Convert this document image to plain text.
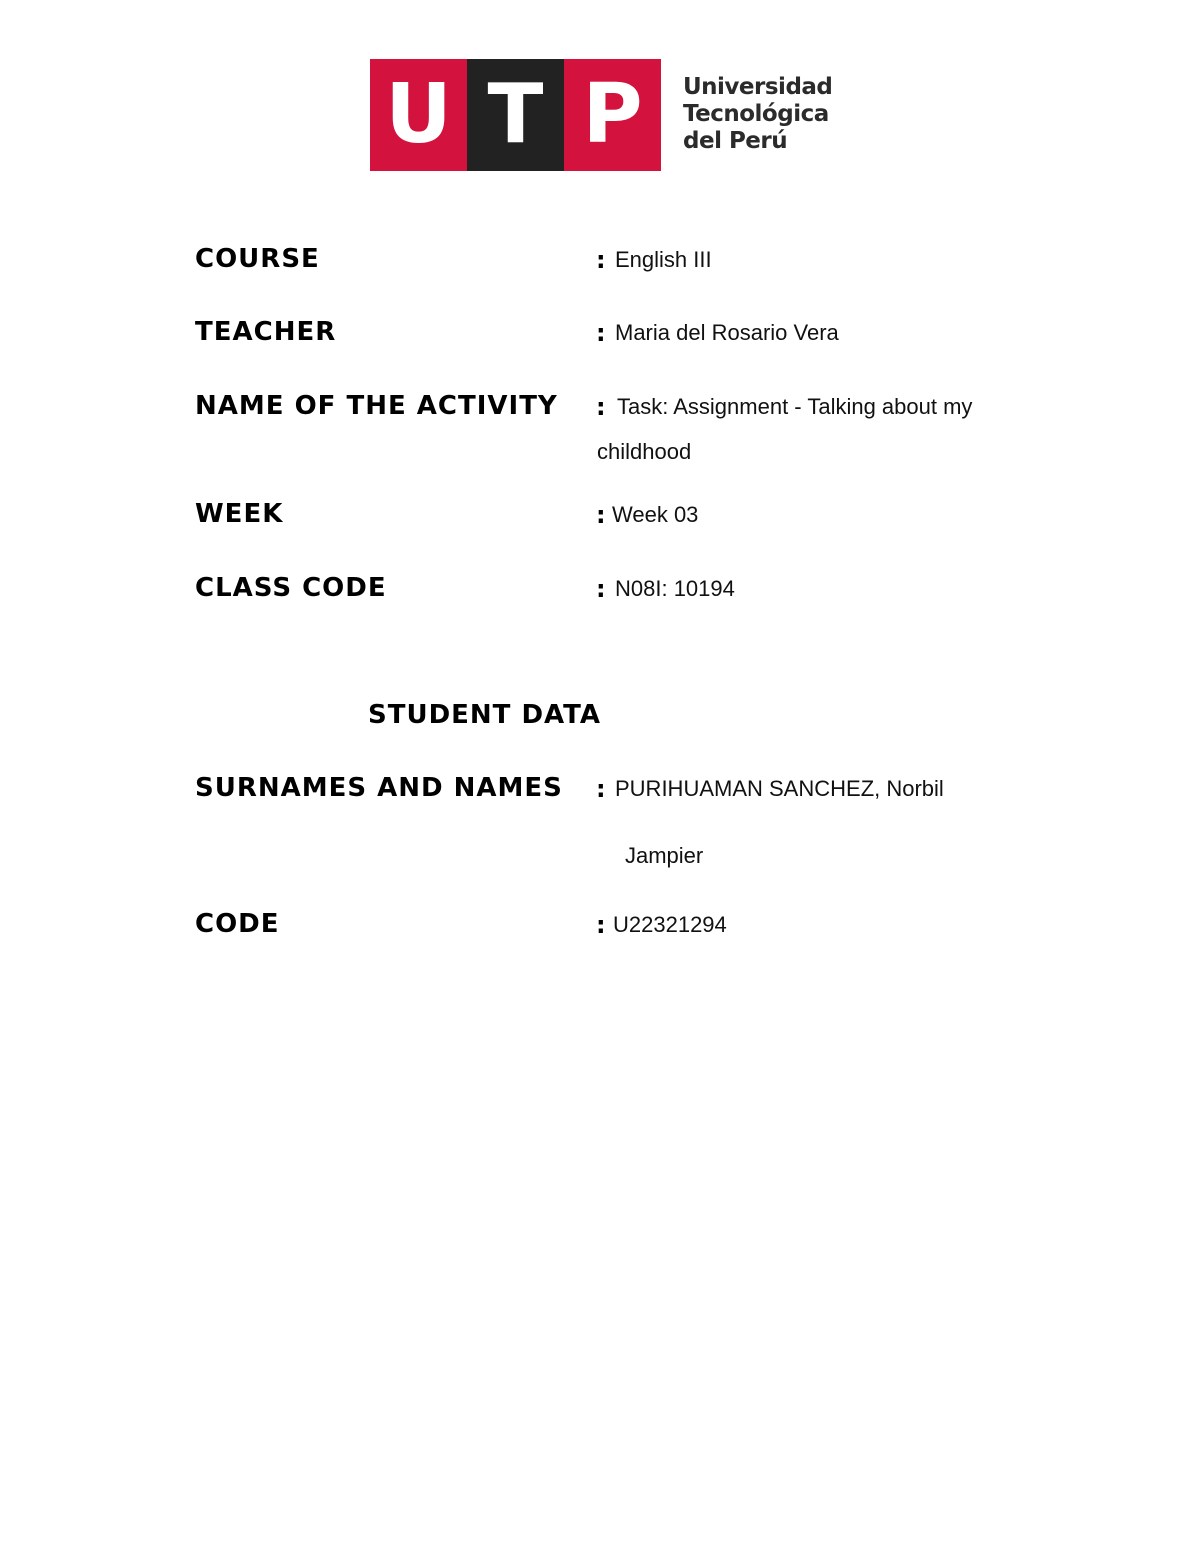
U T P	Universidad
Tecnológica
del Perú
COURSE	: English III
TEACHER	: Maria del Rosario Vera
NAME OF THE ACTIVITY : Task: Assignment - Talking about my
childhood
WEEK	: Week 03
CLASS CODE	: N08I: 10194
STUDENT DATA
SURNAMES AND NAMES : PURIHUAMAN SANCHEZ, Norbil
Jampier
CODE	: U22321294
